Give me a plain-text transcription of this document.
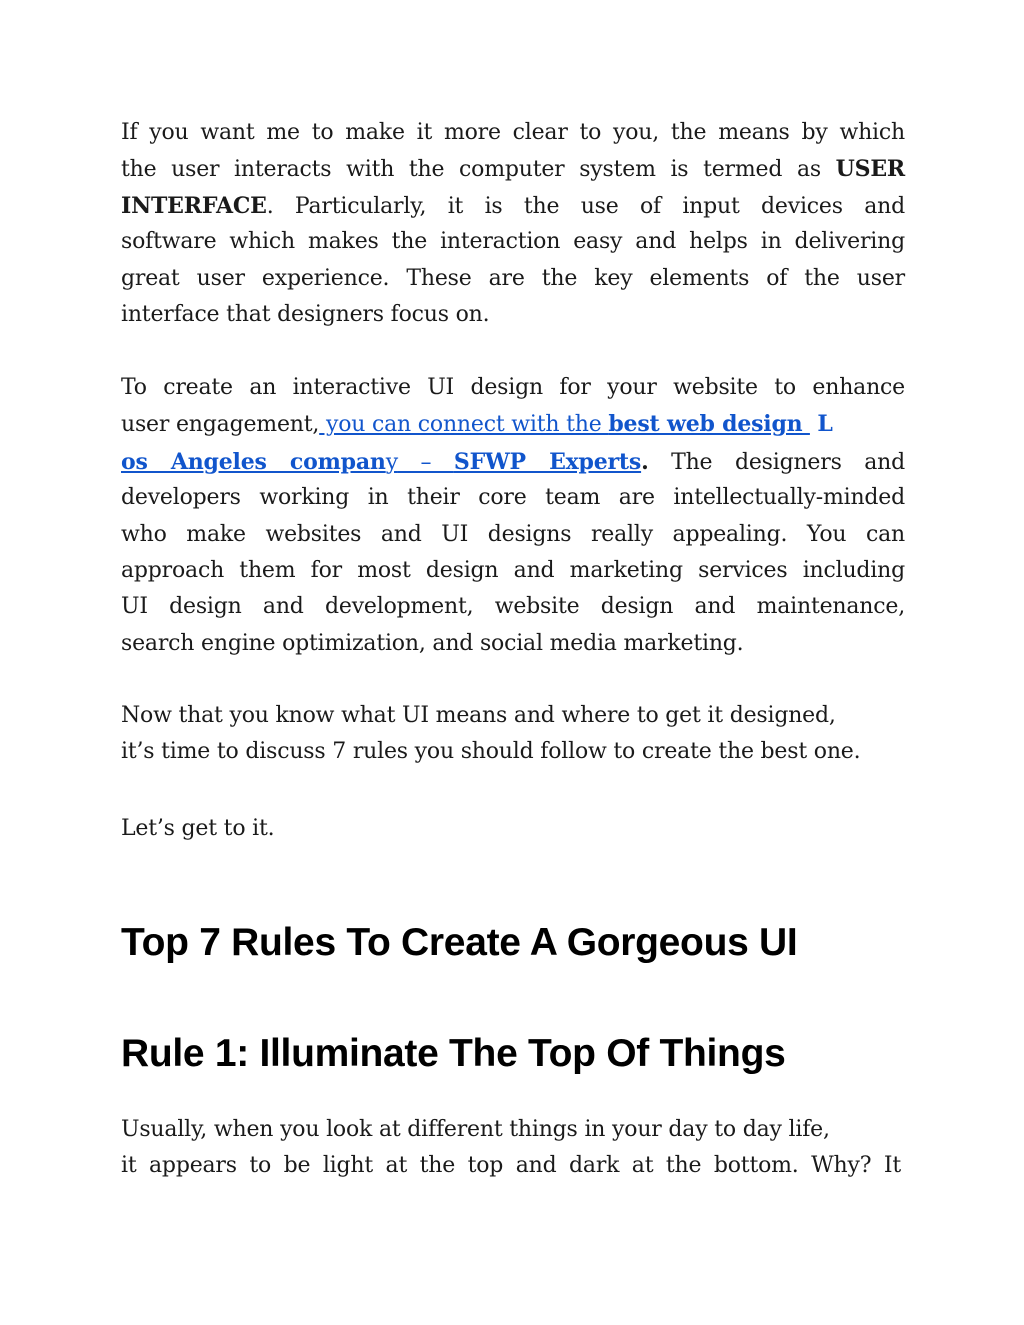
If you want me to make it more clear to you, the means by which
the user interacts with the computer system is termed as USER
INTERFACE. Particularly, it is the use of input devices and
software which makes the interaction easy and helps in delivering
great user experience. These are the key elements of the user
interface that designers focus on.
To create an interactive UI design for your website to enhance
user engagement, you can connect with the best web design  L
os Angeles company – SFWP Experts. The designers and
developers working in their core team are intellectually-minded
who make websites and UI designs really appealing. You can
approach them for most design and marketing services including
UI design and development, website design and maintenance,
search engine optimization, and social media marketing.
Now that you know what UI means and where to get it designed,
it’s time to discuss 7 rules you should follow to create the best one.
Let’s get to it.
Top 7 Rules To Create A Gorgeous UI
Rule 1: Illuminate The Top Of Things
Usually, when you look at different things in your day to day life,
it appears to be light at the top and dark at the bottom. Why? It
